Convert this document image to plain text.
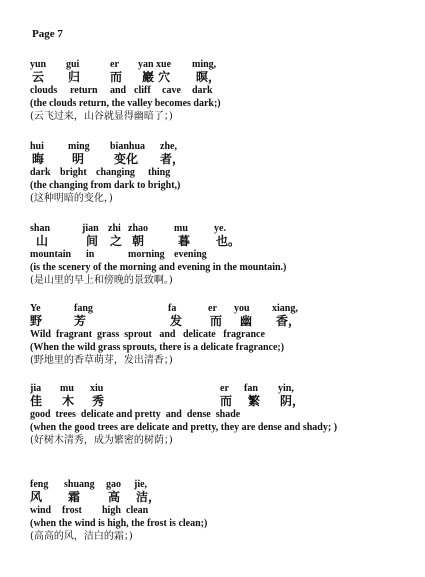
Page 7
yun gui	er yan xue ming,
云 归 而 巖 穴 暝，
clouds return and cliff cave dark
(the clouds return, the valley becomes dark;)
(云飞过来，山谷就显得幽暗了；)
hui ming bianhua zhe,
晦 明 变化 者，
dark bright changing thing
(the changing from dark to bright,)
(这种明暗的变化，)
shan	jian zhi zhao	mu	ye.
山	间 之 朝	暮 也。
mountain in	morning evening
(is the scenery of the morning and evening in the mountain.)
(是山里的早上和傍晚的景致啊。)
Ye	fang	fa	er you xiang,
野	芳	发 而 幽 香，
Wild  fragrant  grass  sprout   and   delicate   fragrance
(When the wild grass sprouts, there is a delicate fragrance;)
(野地里的香草萌芽，发出清香；)
jia mu xiu	er fan yin,
佳 木 秀	而 繁 阴，
good  trees  delicate and pretty  and  dense  shade
(when the good trees are delicate and pretty, they are dense and shady; )
(好树木清秀，成为繁密的树荫；)
feng shuang gao jie,
风 霜 高 洁，
wind frost high clean
(when the wind is high, the frost is clean;)
(高高的风，洁白的霜；)
